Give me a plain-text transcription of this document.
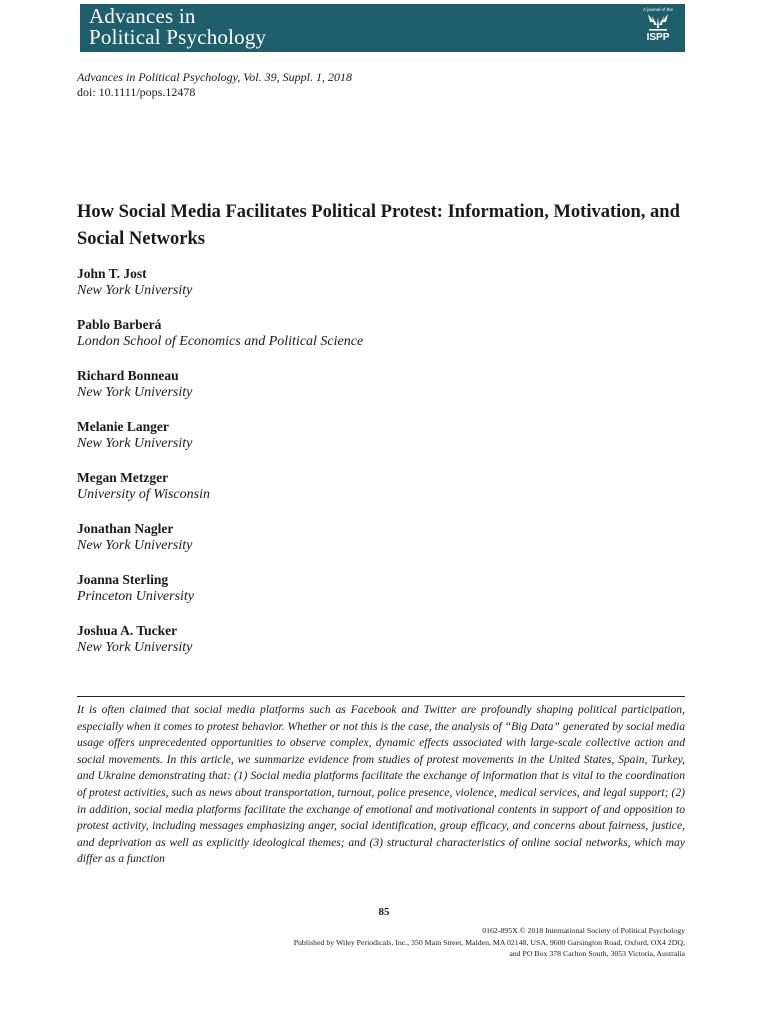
Advances in
Political Psychology
A journal of the
ISPP
Advances in Political Psychology, Vol. 39, Suppl. 1, 2018
doi: 10.1111/pops.12478
How Social Media Facilitates Political Protest: Information, Motivation, and Social Networks
John T. Jost
New York University
Pablo Barberá
London School of Economics and Political Science
Richard Bonneau
New York University
Melanie Langer
New York University
Megan Metzger
University of Wisconsin
Jonathan Nagler
New York University
Joanna Sterling
Princeton University
Joshua A. Tucker
New York University

It is often claimed that social media platforms such as Facebook and Twitter are profoundly shaping political participation, especially when it comes to protest behavior. Whether or not this is the case, the analysis of “Big Data” generated by social media usage offers unprecedented opportunities to observe complex, dynamic effects associated with large-scale collective action and social movements. In this article, we summarize evidence from studies of protest movements in the United States, Spain, Turkey, and Ukraine demonstrating that: (1) Social media platforms facilitate the exchange of information that is vital to the coordination of protest activities, such as news about transportation, turnout, police presence, violence, medical services, and legal support; (2) in addition, social media platforms facilitate the exchange of emotional and motivational contents in support of and opposition to protest activity, including messages emphasizing anger, social identification, group efficacy, and concerns about fairness, justice, and deprivation as well as explicitly ideological themes; and (3) structural characteristics of online social networks, which may differ as a function

85
0162-895X © 2018 International Society of Political Psychology
Published by Wiley Periodicals, Inc., 350 Main Street, Malden, MA 02148, USA, 9600 Garsington Road, Oxford, OX4 2DQ,
and PO Box 378 Carlton South, 3053 Victoria, Australia
